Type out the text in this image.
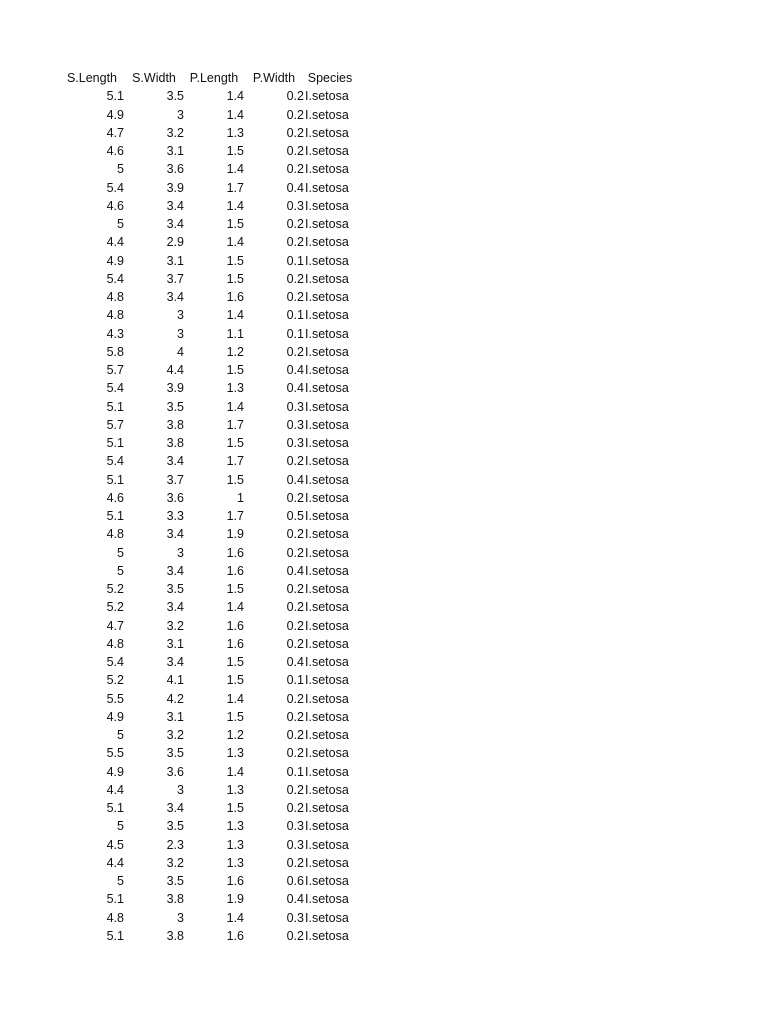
S.Length	S.Width	P.Length	P.Width	Species
5.1	3.5	1.4	0.2	I.setosa
4.9	3	1.4	0.2	I.setosa
4.7	3.2	1.3	0.2	I.setosa
4.6	3.1	1.5	0.2	I.setosa
5	3.6	1.4	0.2	I.setosa
5.4	3.9	1.7	0.4	I.setosa
4.6	3.4	1.4	0.3	I.setosa
5	3.4	1.5	0.2	I.setosa
4.4	2.9	1.4	0.2	I.setosa
4.9	3.1	1.5	0.1	I.setosa
5.4	3.7	1.5	0.2	I.setosa
4.8	3.4	1.6	0.2	I.setosa
4.8	3	1.4	0.1	I.setosa
4.3	3	1.1	0.1	I.setosa
5.8	4	1.2	0.2	I.setosa
5.7	4.4	1.5	0.4	I.setosa
5.4	3.9	1.3	0.4	I.setosa
5.1	3.5	1.4	0.3	I.setosa
5.7	3.8	1.7	0.3	I.setosa
5.1	3.8	1.5	0.3	I.setosa
5.4	3.4	1.7	0.2	I.setosa
5.1	3.7	1.5	0.4	I.setosa
4.6	3.6	1	0.2	I.setosa
5.1	3.3	1.7	0.5	I.setosa
4.8	3.4	1.9	0.2	I.setosa
5	3	1.6	0.2	I.setosa
5	3.4	1.6	0.4	I.setosa
5.2	3.5	1.5	0.2	I.setosa
5.2	3.4	1.4	0.2	I.setosa
4.7	3.2	1.6	0.2	I.setosa
4.8	3.1	1.6	0.2	I.setosa
5.4	3.4	1.5	0.4	I.setosa
5.2	4.1	1.5	0.1	I.setosa
5.5	4.2	1.4	0.2	I.setosa
4.9	3.1	1.5	0.2	I.setosa
5	3.2	1.2	0.2	I.setosa
5.5	3.5	1.3	0.2	I.setosa
4.9	3.6	1.4	0.1	I.setosa
4.4	3	1.3	0.2	I.setosa
5.1	3.4	1.5	0.2	I.setosa
5	3.5	1.3	0.3	I.setosa
4.5	2.3	1.3	0.3	I.setosa
4.4	3.2	1.3	0.2	I.setosa
5	3.5	1.6	0.6	I.setosa
5.1	3.8	1.9	0.4	I.setosa
4.8	3	1.4	0.3	I.setosa
5.1	3.8	1.6	0.2	I.setosa
